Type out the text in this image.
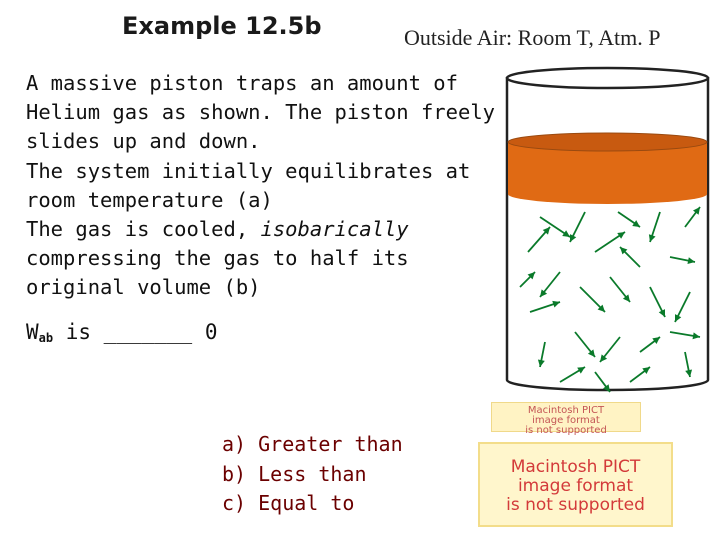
Example 12.5b	Outside Air: Room T, Atm. P
A massive piston traps an amount of
Helium gas as shown. The piston freely
slides up and down.
The system initially equilibrates at
room temperature (a)
The gas is cooled, isobarically
compressing the gas to half its
original volume (b)
$W_{ab}$ is _______ 0
a) Greater than
b) Less than
c) Equal to
Macintosh PICT
image format
is not supported
Macintosh PICT
image format
is not supported
